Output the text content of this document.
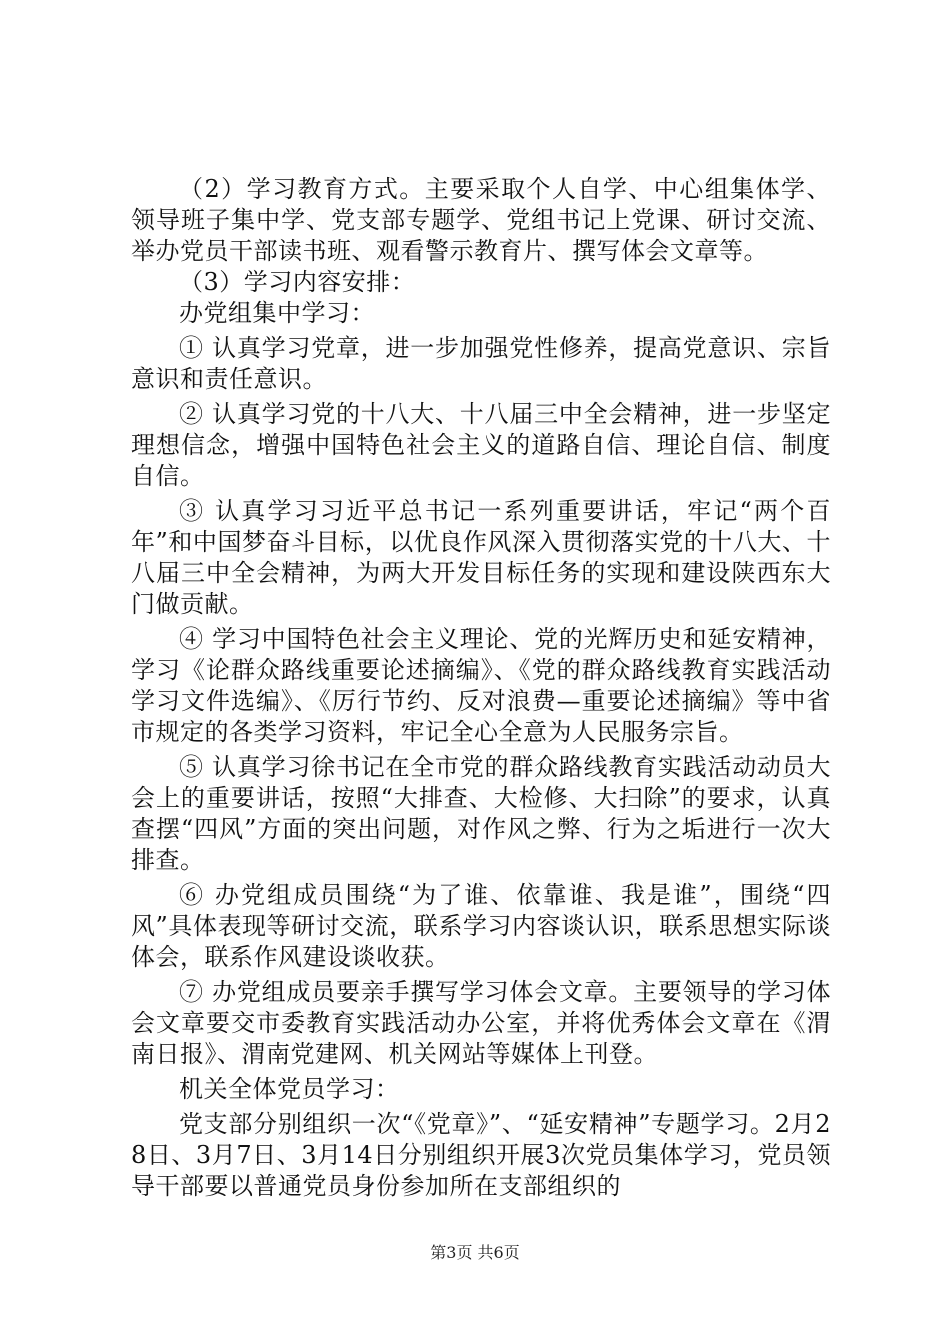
（2）学习教育方式。主要采取个人自学、中心组集体学、领导班子集中学、党支部专题学、党组书记上党课、研讨交流、举办党员干部读书班、观看警示教育片、撰写体会文章等。

（3）学习内容安排：

办党组集中学习：

① 认真学习党章，进一步加强党性修养，提高党意识、宗旨意识和责任意识。

② 认真学习党的十八大、十八届三中全会精神，进一步坚定理想信念，增强中国特色社会主义的道路自信、理论自信、制度自信。

③ 认真学习习近平总书记一系列重要讲话，牢记“两个百年”和中国梦奋斗目标，以优良作风深入贯彻落实党的十八大、十八届三中全会精神，为两大开发目标任务的实现和建设陕西东大门做贡献。

④ 学习中国特色社会主义理论、党的光辉历史和延安精神，学习《论群众路线重要论述摘编》、《党的群众路线教育实践活动学习文件选编》、《厉行节约、反对浪费—重要论述摘编》等中省市规定的各类学习资料，牢记全心全意为人民服务宗旨。

⑤ 认真学习徐书记在全市党的群众路线教育实践活动动员大会上的重要讲话，按照“大排查、大检修、大扫除”的要求，认真查摆“四风”方面的突出问题，对作风之弊、行为之垢进行一次大排查。

⑥ 办党组成员围绕“为了谁、依靠谁、我是谁”，围绕“四风”具体表现等研讨交流，联系学习内容谈认识，联系思想实际谈体会，联系作风建设谈收获。

⑦ 办党组成员要亲手撰写学习体会文章。主要领导的学习体会文章要交市委教育实践活动办公室，并将优秀体会文章在《渭南日报》、渭南党建网、机关网站等媒体上刊登。

机关全体党员学习：

党支部分别组织一次“《党章》”、“延安精神”专题学习。2月28日、3月7日、3月14日分别组织开展3次党员集体学习，党员领导干部要以普通党员身份参加所在支部组织的

第3页 共6页
